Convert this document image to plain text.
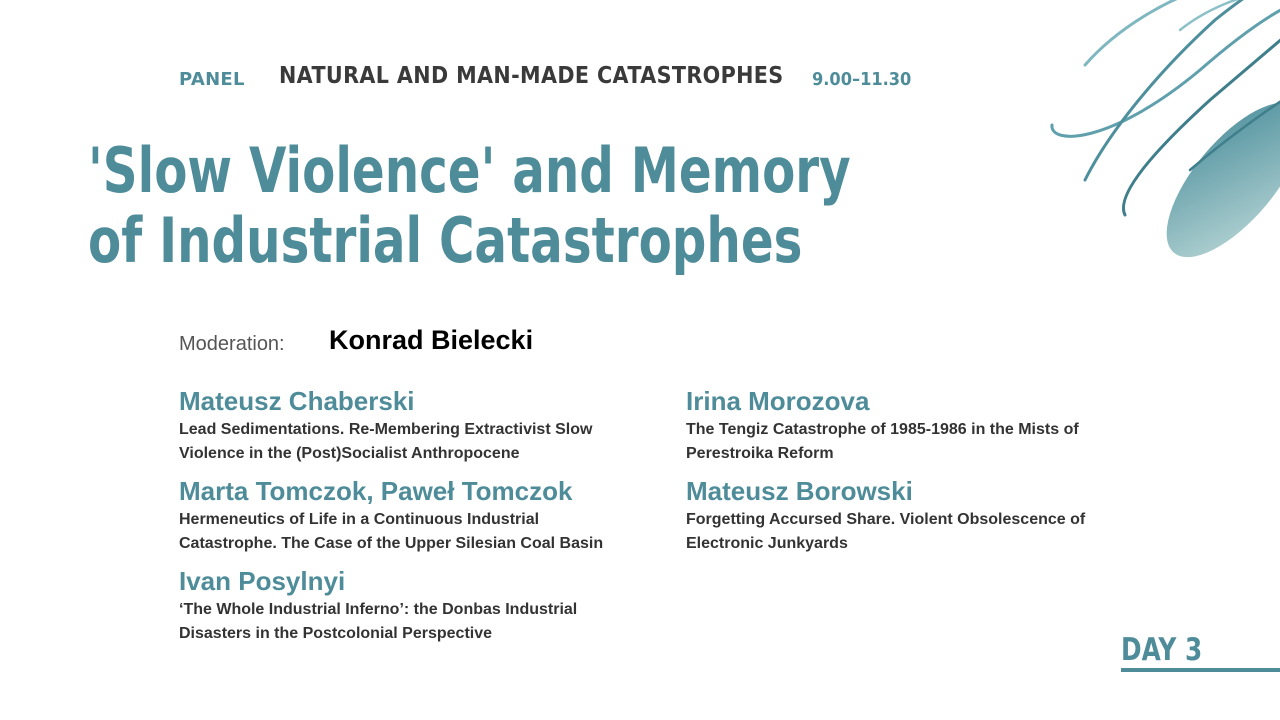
PANEL NATURAL AND MAN-MADE CATASTROPHES 9.00–11.30
'Slow Violence' and Memory
of Industrial Catastrophes
Moderation: Konrad Bielecki
Mateusz Chaberski
Lead Sedimentations. Re-Membering Extractivist Slow Violence in the (Post)Socialist Anthropocene
Irina Morozova
The Tengiz Catastrophe of 1985-1986 in the Mists of Perestroika Reform
Marta Tomczok, Paweł Tomczok
Hermeneutics of Life in a Continuous Industrial Catastrophe. The Case of the Upper Silesian Coal Basin
Mateusz Borowski
Forgetting Accursed Share. Violent Obsolescence of Electronic Junkyards
Ivan Posylnyi
‘The Whole Industrial Inferno’: the Donbas Industrial Disasters in the Postcolonial Perspective	DAY 3
